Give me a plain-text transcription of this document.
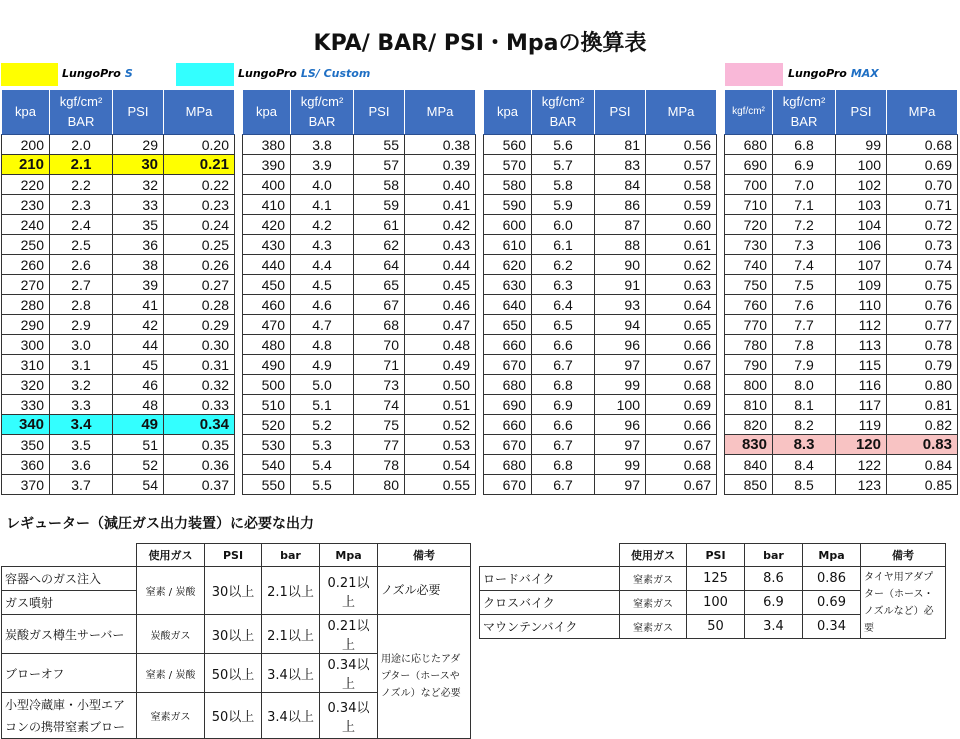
KPA/ BAR/ PSI・Mpaの換算表
LungoPro S	LungoPro LS/ Custom	LungoPro MAX
kpa	kgf/cm²
BAR	PSI	MPa
200	2.0	29	0.20
210	2.1	30	0.21
220	2.2	32	0.22
230	2.3	33	0.23
240	2.4	35	0.24
250	2.5	36	0.25
260	2.6	38	0.26
270	2.7	39	0.27
280	2.8	41	0.28
290	2.9	42	0.29
300	3.0	44	0.30
310	3.1	45	0.31
320	3.2	46	0.32
330	3.3	48	0.33
340	3.4	49	0.34
350	3.5	51	0.35
360	3.6	52	0.36
370	3.7	54	0.37
kpa	kgf/cm²
BAR	PSI	MPa
380	3.8	55	0.38
390	3.9	57	0.39
400	4.0	58	0.40
410	4.1	59	0.41
420	4.2	61	0.42
430	4.3	62	0.43
440	4.4	64	0.44
450	4.5	65	0.45
460	4.6	67	0.46
470	4.7	68	0.47
480	4.8	70	0.48
490	4.9	71	0.49
500	5.0	73	0.50
510	5.1	74	0.51
520	5.2	75	0.52
530	5.3	77	0.53
540	5.4	78	0.54
550	5.5	80	0.55
kpa	kgf/cm²
BAR	PSI	MPa
560	5.6	81	0.56
570	5.7	83	0.57
580	5.8	84	0.58
590	5.9	86	0.59
600	6.0	87	0.60
610	6.1	88	0.61
620	6.2	90	0.62
630	6.3	91	0.63
640	6.4	93	0.64
650	6.5	94	0.65
660	6.6	96	0.66
670	6.7	97	0.67
680	6.8	99	0.68
690	6.9	100	0.69
660	6.6	96	0.66
670	6.7	97	0.67
680	6.8	99	0.68
670	6.7	97	0.67
kgf/cm²	kgf/cm²
BAR	PSI	MPa
680	6.8	99	0.68
690	6.9	100	0.69
700	7.0	102	0.70
710	7.1	103	0.71
720	7.2	104	0.72
730	7.3	106	0.73
740	7.4	107	0.74
750	7.5	109	0.75
760	7.6	110	0.76
770	7.7	112	0.77
780	7.8	113	0.78
790	7.9	115	0.79
800	8.0	116	0.80
810	8.1	117	0.81
820	8.2	119	0.82
830	8.3	120	0.83
840	8.4	122	0.84
850	8.5	123	0.85
レギューター（減圧ガス出力装置）に必要な出力
	使用ガス	PSI	bar	Mpa	備考
容器へのガス注入	窒素 / 炭酸	30以上	2.1以上	0.21以上	ノズル必要
ガス噴射					
炭酸ガス樽生サーバー	炭酸ガス	30以上	2.1以上	0.21以上	用途に応じたアダプター（ホースやノズル）など必要
ブローオフ	窒素 / 炭酸	50以上	3.4以上	0.34以上	
小型冷蔵庫・小型エアコンの携帯窒素ブロー	窒素ガス	50以上	3.4以上	0.34以上	
	使用ガス	PSI	bar	Mpa	備考
ロードバイク	窒素ガス	125	8.6	0.86	タイヤ用アダプター（ホース・ノズルなど）必要
クロスバイク	窒素ガス	100	6.9	0.69	
マウンテンバイク	窒素ガス	50	3.4	0.34	
